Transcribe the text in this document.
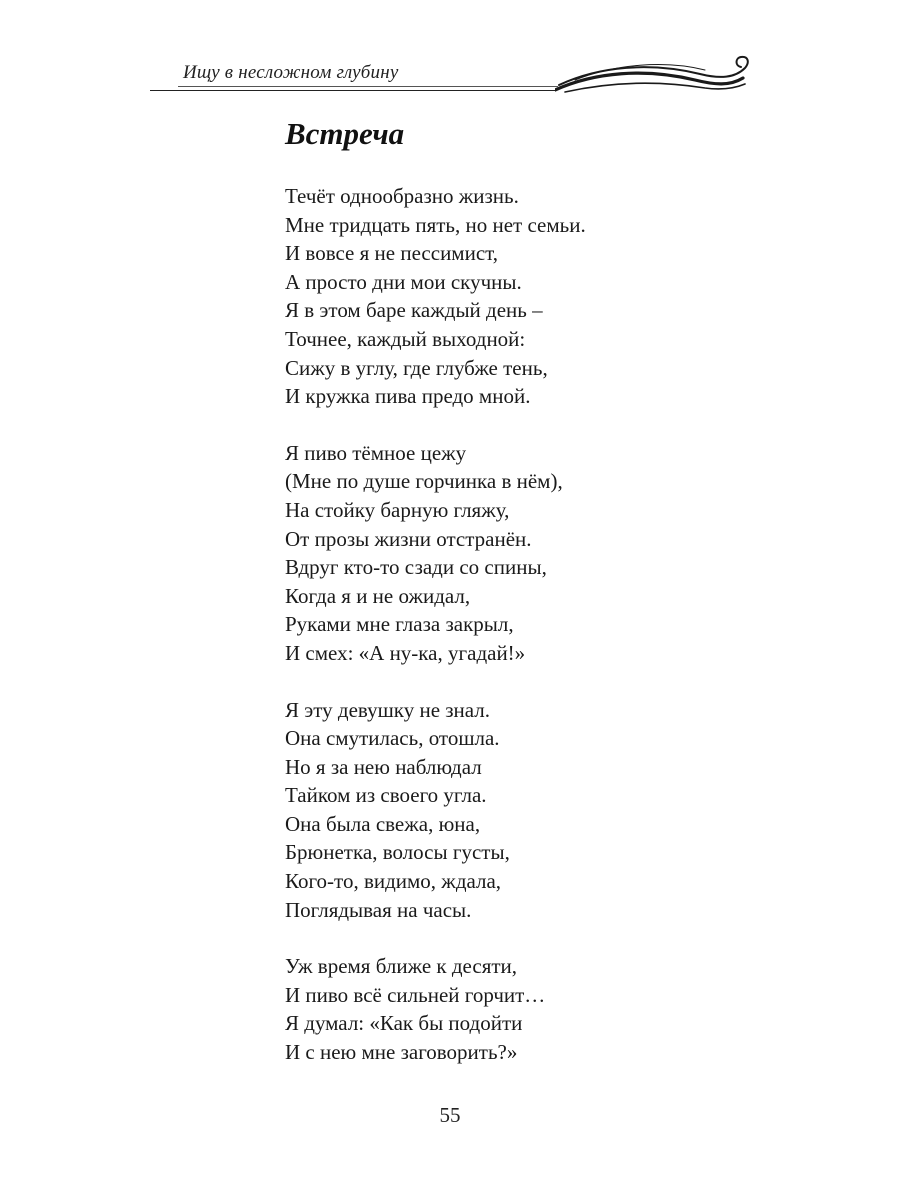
Ищу в несложном глубину
Встреча
Течёт однообразно жизнь.
Мне тридцать пять, но нет семьи.
И вовсе я не пессимист,
А просто дни мои скучны.
Я в этом баре каждый день –
Точнее, каждый выходной:
Сижу в углу, где глубже тень,
И кружка пива предо мной.
Я пиво тёмное цежу
(Мне по душе горчинка в нём),
На стойку барную гляжу,
От прозы жизни отстранён.
Вдруг кто-то сзади со спины,
Когда я и не ожидал,
Руками мне глаза закрыл,
И смех: «А ну-ка, угадай!»
Я эту девушку не знал.
Она смутилась, отошла.
Но я за нею наблюдал
Тайком из своего угла.
Она была свежа, юна,
Брюнетка, волосы густы,
Кого-то, видимо, ждала,
Поглядывая на часы.
Уж время ближе к десяти,
И пиво всё сильней горчит…
Я думал: «Как бы подойти
И с нею мне заговорить?»
55
